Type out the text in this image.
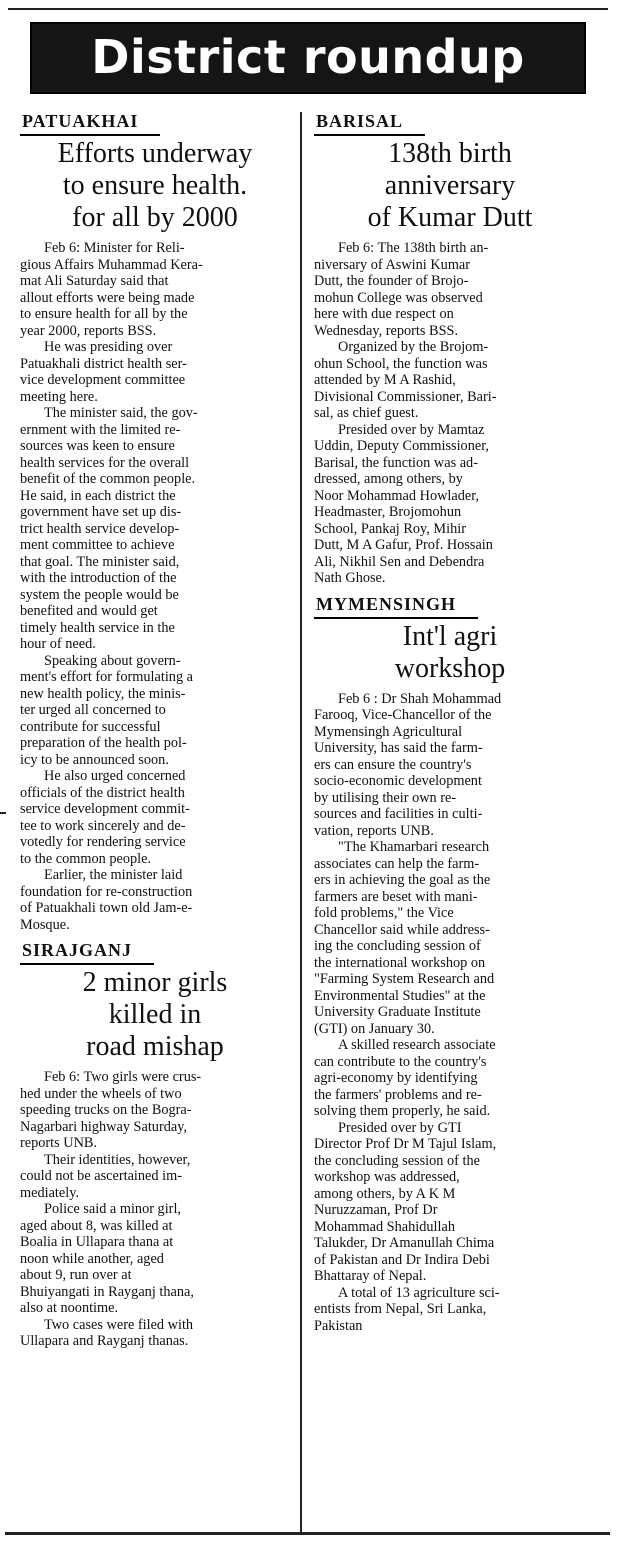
District roundup
PATUAKHAI
Efforts underway
to ensure health.
for all by 2000

Feb 6: Minister for Reli-
gious Affairs Muhammad Kera-
mat Ali Saturday said that
allout efforts were being made
to ensure health for all by the
year 2000, reports BSS.

He was presiding over
Patuakhali district health ser-
vice development committee
meeting here.

The minister said, the gov-
ernment with the limited re-
sources was keen to ensure
health services for the overall
benefit of the common people.
He said, in each district the
government have set up dis-
trict health service develop-
ment committee to achieve
that goal. The minister said,
with the introduction of the
system the people would be
benefited and would get
timely health service in the
hour of need.

Speaking about govern-
ment's effort for formulating a
new health policy, the minis-
ter urged all concerned to
contribute for successful
preparation of the health pol-
icy to be announced soon.

He also urged concerned
officials of the district health
service development commit-
tee to work sincerely and de-
votedly for rendering service
to the common people.

Earlier, the minister laid
foundation for re-construction
of Patuakhali town old Jam-e-
Mosque.

SIRAJGANJ
2 minor girls
killed in
road mishap

Feb 6: Two girls were crus-
hed under the wheels of two
speeding trucks on the Bogra-
Nagarbari highway Saturday,
reports UNB.

Their identities, however,
could not be ascertained im-
mediately.

Police said a minor girl,
aged about 8, was killed at
Boalia in Ullapara thana at
noon while another, aged
about 9, run over at
Bhuiyangati in Rayganj thana,
also at noontime.

Two cases were filed with
Ullapara and Rayganj thanas.

BARISAL
138th birth
anniversary
of Kumar Dutt

Feb 6: The 138th birth an-
niversary of Aswini Kumar
Dutt, the founder of Brojo-
mohun College was observed
here with due respect on
Wednesday, reports BSS.

Organized by the Brojom-
ohun School, the function was
attended by M A Rashid,
Divisional Commissioner, Bari-
sal, as chief guest.

Presided over by Mamtaz
Uddin, Deputy Commissioner,
Barisal, the function was ad-
dressed, among others, by
Noor Mohammad Howlader,
Headmaster, Brojomohun
School, Pankaj Roy, Mihir
Dutt, M A Gafur, Prof. Hossain
Ali, Nikhil Sen and Debendra
Nath Ghose.

MYMENSINGH
Int'l agri
workshop

Feb 6 : Dr Shah Mohammad
Farooq, Vice-Chancellor of the
Mymensingh Agricultural
University, has said the farm-
ers can ensure the country's
socio-economic development
by utilising their own re-
sources and facilities in culti-
vation, reports UNB.

"The Khamarbari research
associates can help the farm-
ers in achieving the goal as the
farmers are beset with mani-
fold problems," the Vice
Chancellor said while address-
ing the concluding session of
the international workshop on
"Farming System Research and
Environmental Studies" at the
University Graduate Institute
(GTI) on January 30.

A skilled research associate
can contribute to the country's
agri-economy by identifying
the farmers' problems and re-
solving them properly, he said.

Presided over by GTI
Director Prof Dr M Tajul Islam,
the concluding session of the
workshop was addressed,
among others, by A K M
Nuruzzaman, Prof Dr
Mohammad Shahidullah
Talukder, Dr Amanullah Chima
of Pakistan and Dr Indira Debi
Bhattaray of Nepal.

A total of 13 agriculture sci-
entists from Nepal, Sri Lanka,
Pakistan
